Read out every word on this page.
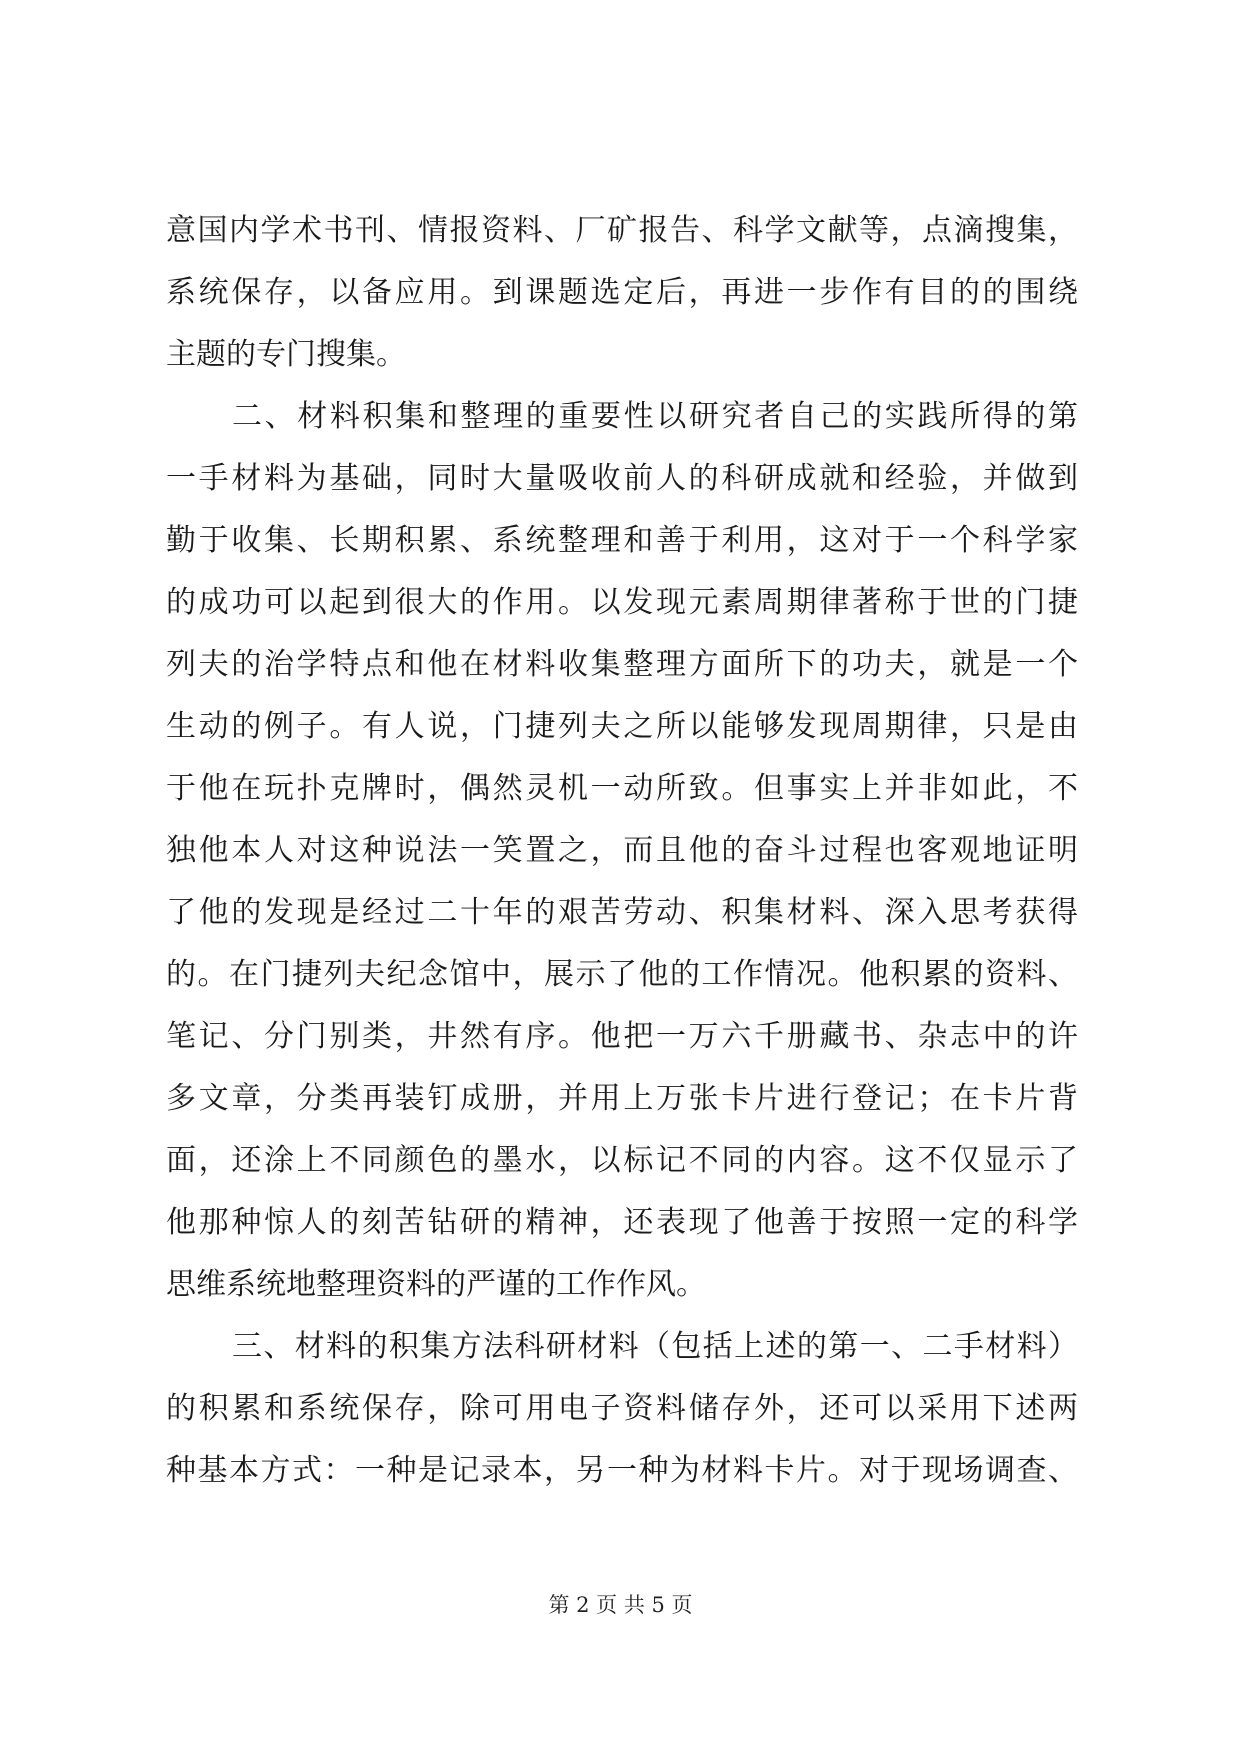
意国内学术书刊、情报资料、厂矿报告、科学文献等，点滴搜集，
系统保存，以备应用。到课题选定后，再进一步作有目的的围绕
主题的专门搜集。
二、材料积集和整理的重要性以研究者自己的实践所得的第
一手材料为基础，同时大量吸收前人的科研成就和经验，并做到
勤于收集、长期积累、系统整理和善于利用，这对于一个科学家
的成功可以起到很大的作用。以发现元素周期律著称于世的门捷
列夫的治学特点和他在材料收集整理方面所下的功夫，就是一个
生动的例子。有人说，门捷列夫之所以能够发现周期律，只是由
于他在玩扑克牌时，偶然灵机一动所致。但事实上并非如此，不
独他本人对这种说法一笑置之，而且他的奋斗过程也客观地证明
了他的发现是经过二十年的艰苦劳动、积集材料、深入思考获得
的。在门捷列夫纪念馆中，展示了他的工作情况。他积累的资料、
笔记、分门别类，井然有序。他把一万六千册藏书、杂志中的许
多文章，分类再装钉成册，并用上万张卡片进行登记；在卡片背
面，还涂上不同颜色的墨水，以标记不同的内容。这不仅显示了
他那种惊人的刻苦钻研的精神，还表现了他善于按照一定的科学
思维系统地整理资料的严谨的工作作风。
三、材料的积集方法科研材料（包括上述的第一、二手材料）
的积累和系统保存，除可用电子资料储存外，还可以采用下述两
种基本方式：一种是记录本，另一种为材料卡片。对于现场调查、
第 2 页 共 5 页
